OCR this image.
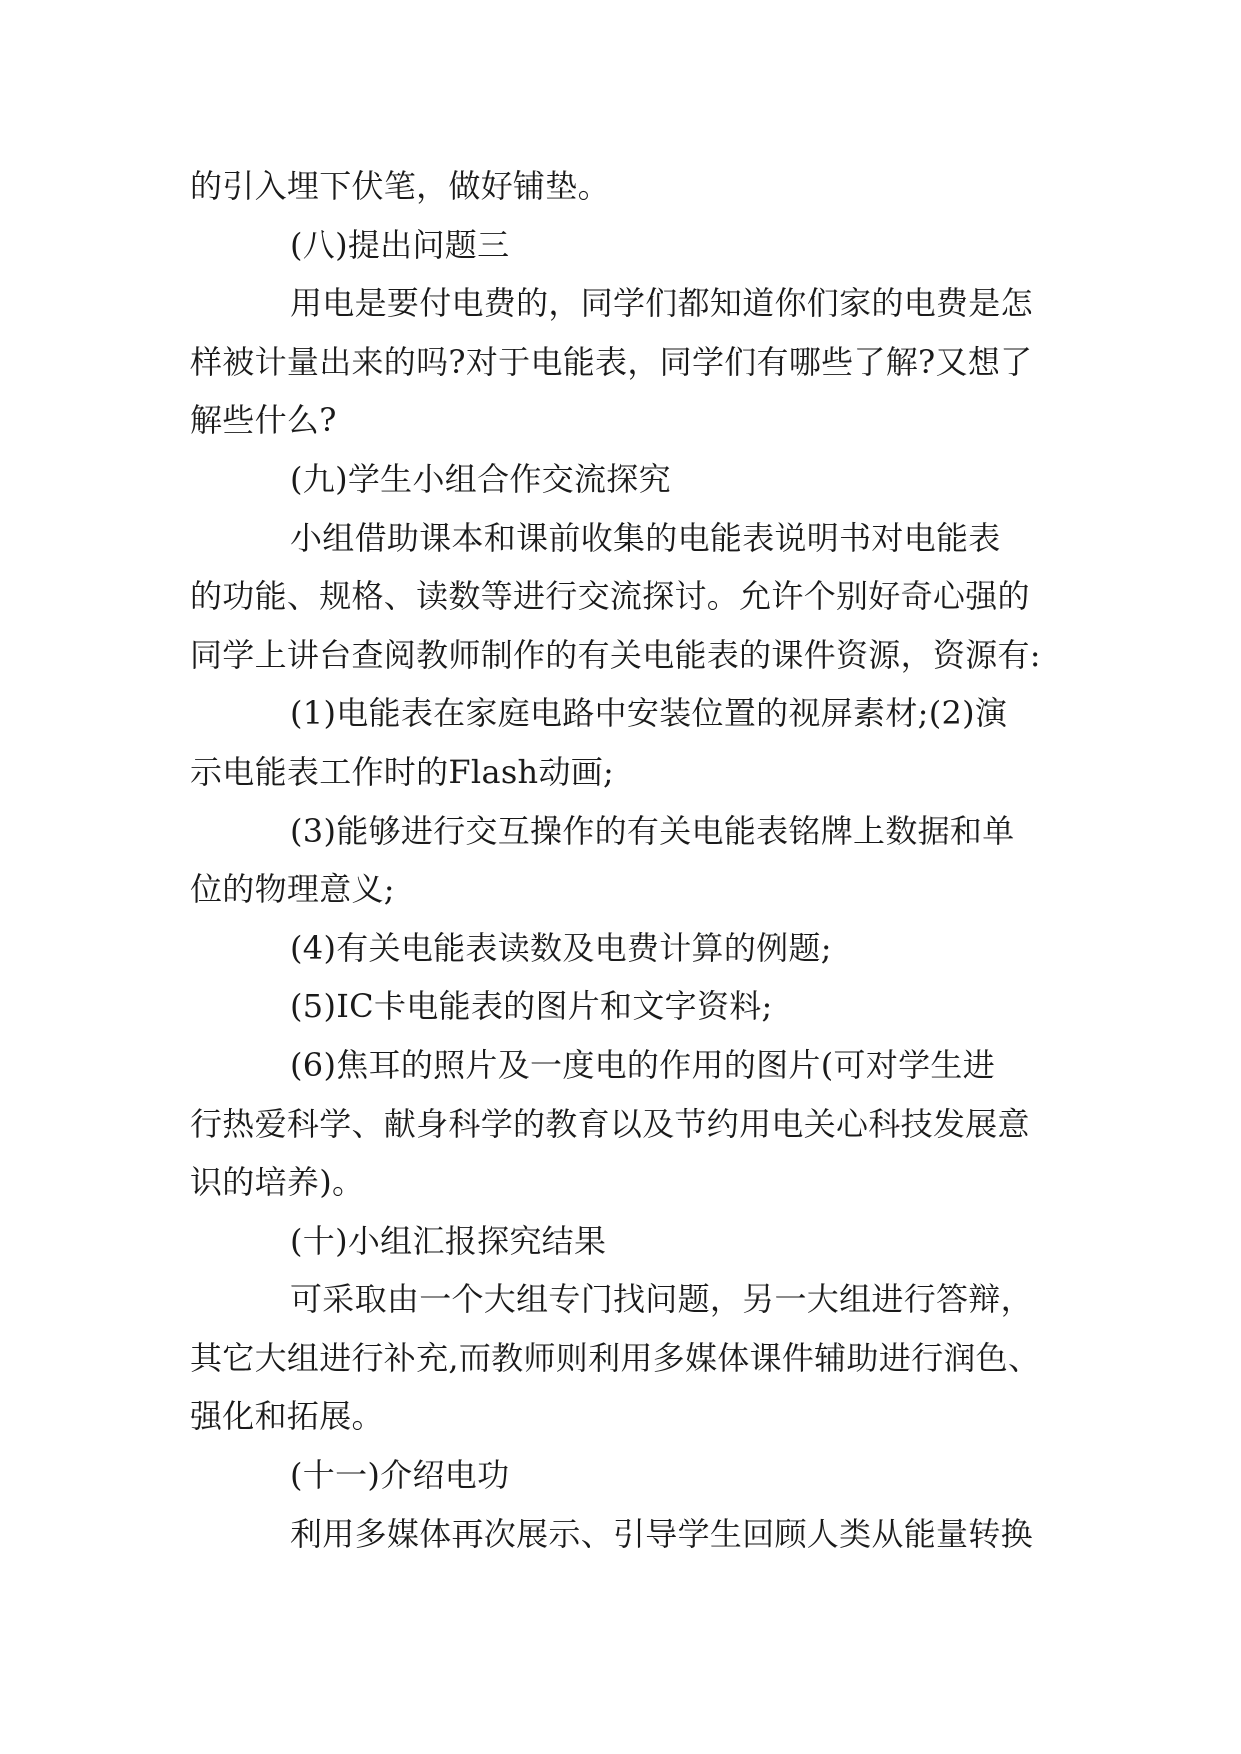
的引入埋下伏笔，做好铺垫。
(八)提出问题三
用电是要付电费的，同学们都知道你们家的电费是怎
样被计量出来的吗?对于电能表，同学们有哪些了解?又想了
解些什么?
(九)学生小组合作交流探究
小组借助课本和课前收集的电能表说明书对电能表
的功能、规格、读数等进行交流探讨。允许个别好奇心强的
同学上讲台查阅教师制作的有关电能表的课件资源，资源有:
(1)电能表在家庭电路中安装位置的视屏素材;(2)演
示电能表工作时的Flash动画;
(3)能够进行交互操作的有关电能表铭牌上数据和单
位的物理意义;
(4)有关电能表读数及电费计算的例题;
(5)IC卡电能表的图片和文字资料;
(6)焦耳的照片及一度电的作用的图片(可对学生进
行热爱科学、献身科学的教育以及节约用电关心科技发展意
识的培养)。
(十)小组汇报探究结果
可采取由一个大组专门找问题，另一大组进行答辩，
其它大组进行补充,而教师则利用多媒体课件辅助进行润色、
强化和拓展。
(十一)介绍电功
利用多媒体再次展示、引导学生回顾人类从能量转换
